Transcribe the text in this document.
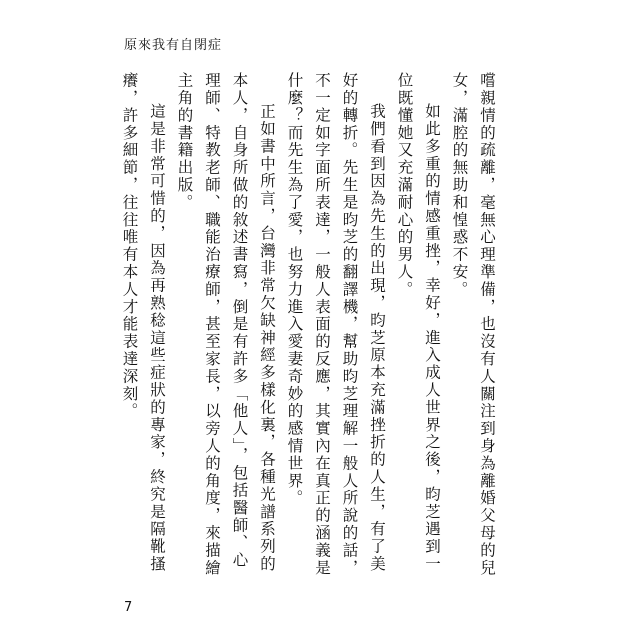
原來我有自閉症

嚐親情的疏離，毫無心理準備，也沒有人關注到身為離婚父母的兒女，滿腔的無助和惶惑不安。

如此多重的情感重挫，幸好，進入成人世界之後，昀芝遇到一位既懂她又充滿耐心的男人。

我們看到因為先生的出現，昀芝原本充滿挫折的人生，有了美好的轉折。先生是昀芝的翻譯機，幫助昀芝理解一般人所說的話，不一定如字面所表達，一般人表面的反應，其實內在真正的涵義是什麼？而先生為了愛，也努力進入愛妻奇妙的感情世界。

正如書中所言，台灣非常欠缺神經多樣化裏，各種光譜系列的本人，自身所做的敘述書寫，倒是有許多「他人」，包括醫師、心理師、特教老師、職能治療師，甚至家長，以旁人的角度，來描繪主角的書籍出版。

這是非常可惜的，因為再熟稔這些症狀的專家，終究是隔靴搔癢，許多細節，往往唯有本人才能表達深刻。

7
